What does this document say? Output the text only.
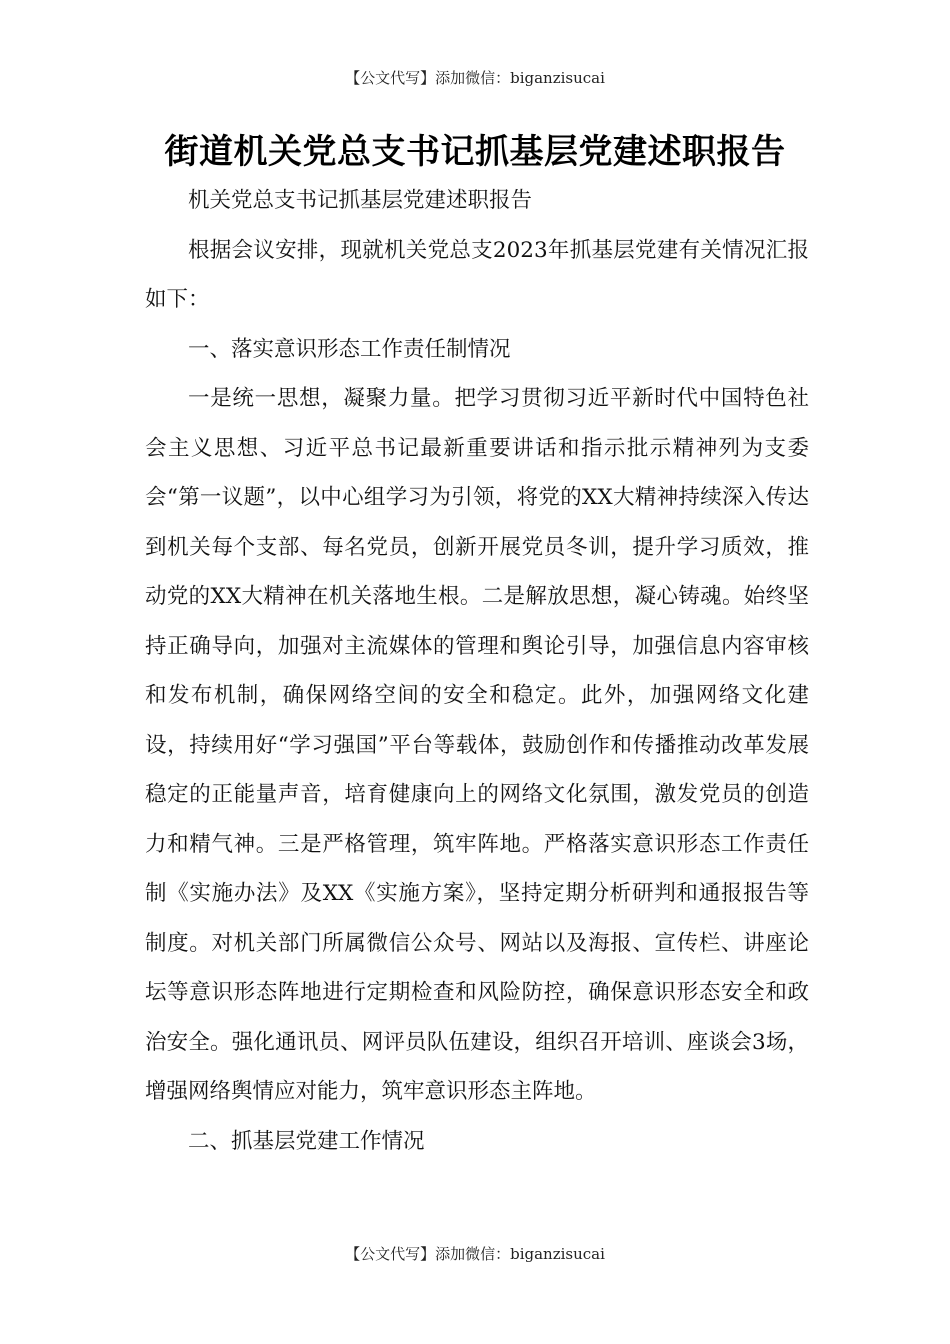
【公文代写】添加微信：biganzisucai
街道机关党总支书记抓基层党建述职报告

机关党总支书记抓基层党建述职报告

根据会议安排，现就机关党总支2023年抓基层党建有关情况汇报如下：

一、落实意识形态工作责任制情况

一是统一思想，凝聚力量。把学习贯彻习近平新时代中国特色社会主义思想、习近平总书记最新重要讲话和指示批示精神列为支委会“第一议题”，以中心组学习为引领，将党的XX大精神持续深入传达到机关每个支部、每名党员，创新开展党员冬训，提升学习质效，推动党的XX大精神在机关落地生根。二是解放思想，凝心铸魂。始终坚持正确导向，加强对主流媒体的管理和舆论引导，加强信息内容审核和发布机制，确保网络空间的安全和稳定。此外，加强网络文化建设，持续用好“学习强国”平台等载体，鼓励创作和传播推动改革发展稳定的正能量声音，培育健康向上的网络文化氛围，激发党员的创造力和精气神。三是严格管理，筑牢阵地。严格落实意识形态工作责任制《实施办法》及XX《实施方案》，坚持定期分析研判和通报报告等制度。对机关部门所属微信公众号、网站以及海报、宣传栏、讲座论坛等意识形态阵地进行定期检查和风险防控，确保意识形态安全和政治安全。强化通讯员、网评员队伍建设，组织召开培训、座谈会3场，增强网络舆情应对能力，筑牢意识形态主阵地。

二、抓基层党建工作情况

【公文代写】添加微信：biganzisucai
